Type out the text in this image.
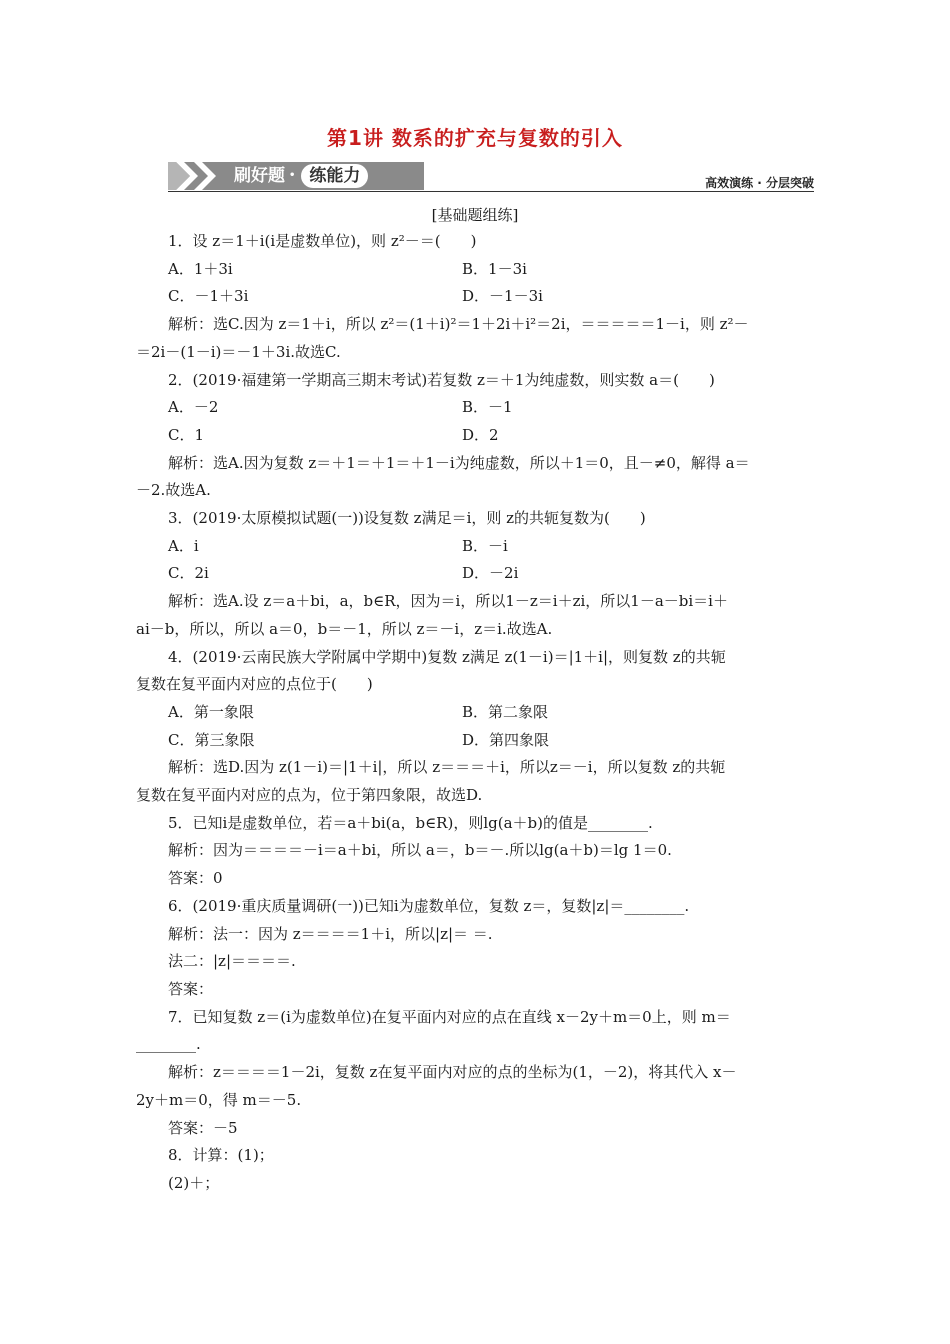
第1讲 数系的扩充与复数的引入
刷好题 • 练能力	高效演练 · 分层突破
[基础题组练]
1．设 z＝1＋i(i是虚数单位)，则 z²－＝(　　)
A．1＋3i	B．1－3i
C．－1＋3i	D．－1－3i
解析：选C.因为 z＝1＋i，所以 z²＝(1＋i)²＝1＋2i＋i²＝2i，＝＝＝＝＝1－i，则 z²－
＝2i－(1－i)＝－1＋3i.故选C.
2．(2019·福建第一学期高三期末考试)若复数 z＝＋1为纯虚数，则实数 a＝(　　)
A．－2	B．－1
C．1	D．2
解析：选A.因为复数 z＝＋1＝＋1＝＋1－i为纯虚数，所以＋1＝0，且－≠0，解得 a＝
－2.故选A.
3．(2019·太原模拟试题(一))设复数 z满足＝i，则 z的共轭复数为(　　)
A．i	B．－i
C．2i	D．－2i
解析：选A.设 z＝a＋bi，a，b∈R，因为＝i，所以1－z＝i＋zi，所以1－a－bi＝i＋
ai－b，所以，所以 a＝0，b＝－1，所以 z＝－i，z＝i.故选A.
4．(2019·云南民族大学附属中学期中)复数 z满足 z(1－i)＝|1＋i|，则复数 z的共轭
复数在复平面内对应的点位于(　　)
A．第一象限	B．第二象限
C．第三象限	D．第四象限
解析：选D.因为 z(1－i)＝|1＋i|，所以 z＝＝＝＋i，所以z＝－i，所以复数 z的共轭
复数在复平面内对应的点为，位于第四象限，故选D.
5．已知i是虚数单位，若＝a＋bi(a，b∈R)，则lg(a＋b)的值是________.
解析：因为＝＝＝＝－i＝a＋bi，所以 a＝，b＝－.所以lg(a＋b)＝lg 1＝0.
答案：0
6．(2019·重庆质量调研(一))已知i为虚数单位，复数 z＝，复数|z|＝________.
解析：法一：因为 z＝＝＝＝1＋i，所以|z|＝ ＝.
法二：|z|＝＝＝＝.
答案：
7．已知复数 z＝(i为虚数单位)在复平面内对应的点在直线 x－2y＋m＝0上，则 m＝
________.
解析：z＝＝＝＝1－2i，复数 z在复平面内对应的点的坐标为(1，－2)，将其代入 x－
2y＋m＝0，得 m＝－5.
答案：－5
8．计算：(1)；
(2)＋；
